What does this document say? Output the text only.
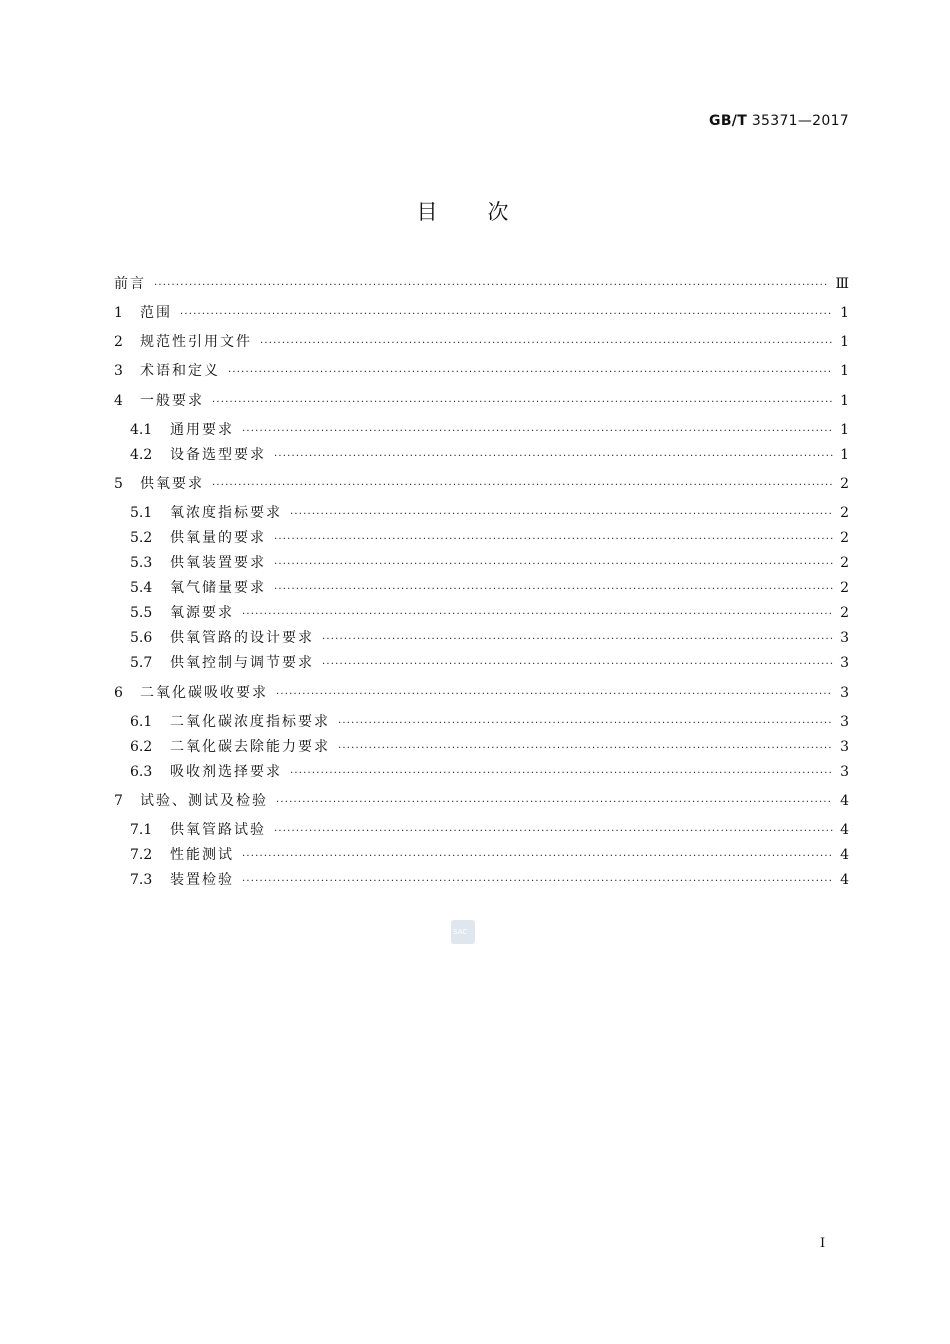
GB/T 35371—2017
目次
前言 ·····	Ⅲ
1	范围 ·····	1
2	规范性引用文件 ·····	1
3	术语和定义 ·····	1
4	一般要求 ·····	1
4.1	通用要求 ·····	1
4.2	设备选型要求 ·····	1
5	供氧要求 ·····	2
5.1	氧浓度指标要求 ·····	2
5.2	供氧量的要求 ·····	2
5.3	供氧装置要求 ·····	2
5.4	氧气储量要求 ·····	2
5.5	氧源要求 ·····	2
5.6	供氧管路的设计要求 ·····	3
5.7	供氧控制与调节要求 ·····	3
6	二氧化碳吸收要求 ·····	3
6.1	二氧化碳浓度指标要求 ·····	3
6.2	二氧化碳去除能力要求 ·····	3
6.3	吸收剂选择要求 ·····	3
7	试验、测试及检验 ·····	4
7.1	供氧管路试验 ·····	4
7.2	性能测试 ·····	4
7.3	装置检验 ·····	4
SAC
I
